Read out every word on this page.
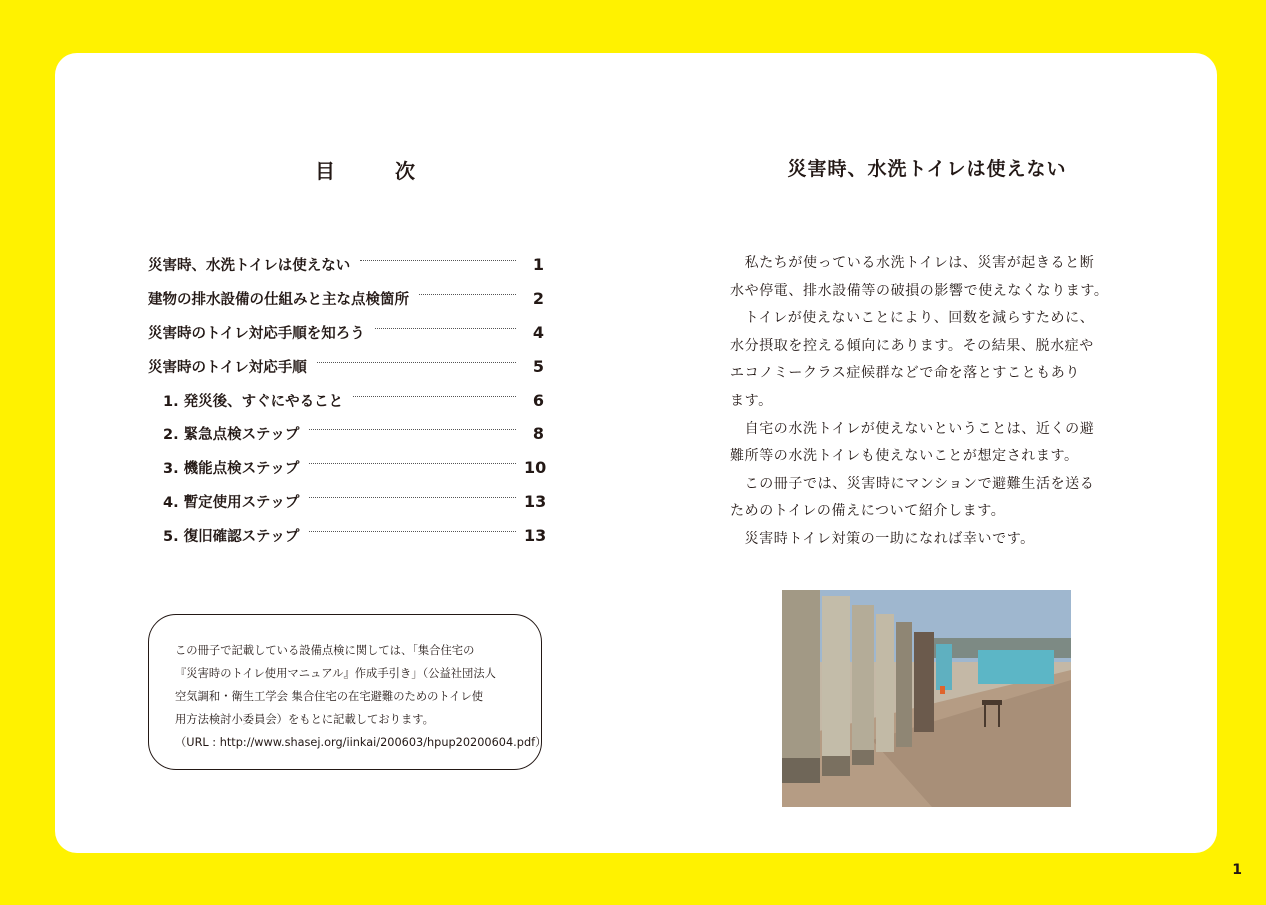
目　次
災害時、水洗トイレは使えない	1
建物の排水設備の仕組みと主な点検箇所	2
災害時のトイレ対応手順を知ろう	4
災害時のトイレ対応手順	5
1. 発災後、すぐにやること	6
2. 緊急点検ステップ	8
3. 機能点検ステップ	10
4. 暫定使用ステップ	13
5. 復旧確認ステップ	13

この冊子で記載している設備点検に関しては、「集合住宅の

『災害時のトイレ使用マニュアル』作成手引き」（公益社団法人

空気調和・衛生工学会 集合住宅の在宅避難のためのトイレ使

用方法検討小委員会）をもとに記載しております。

（URL : http://www.shasej.org/iinkai/200603/hpup20200604.pdf）

災害時、水洗トイレは使えない

　私たちが使っている水洗トイレは、災害が起きると断

水や停電、排水設備等の破損の影響で使えなくなります。

　トイレが使えないことにより、回数を減らすために、

水分摂取を控える傾向にあります。その結果、脱水症や

エコノミークラス症候群などで命を落とすこともあり

ます。

　自宅の水洗トイレが使えないということは、近くの避

難所等の水洗トイレも使えないことが想定されます。

　この冊子では、災害時にマンションで避難生活を送る

ためのトイレの備えについて紹介します。

　災害時トイレ対策の一助になれば幸いです。

1
